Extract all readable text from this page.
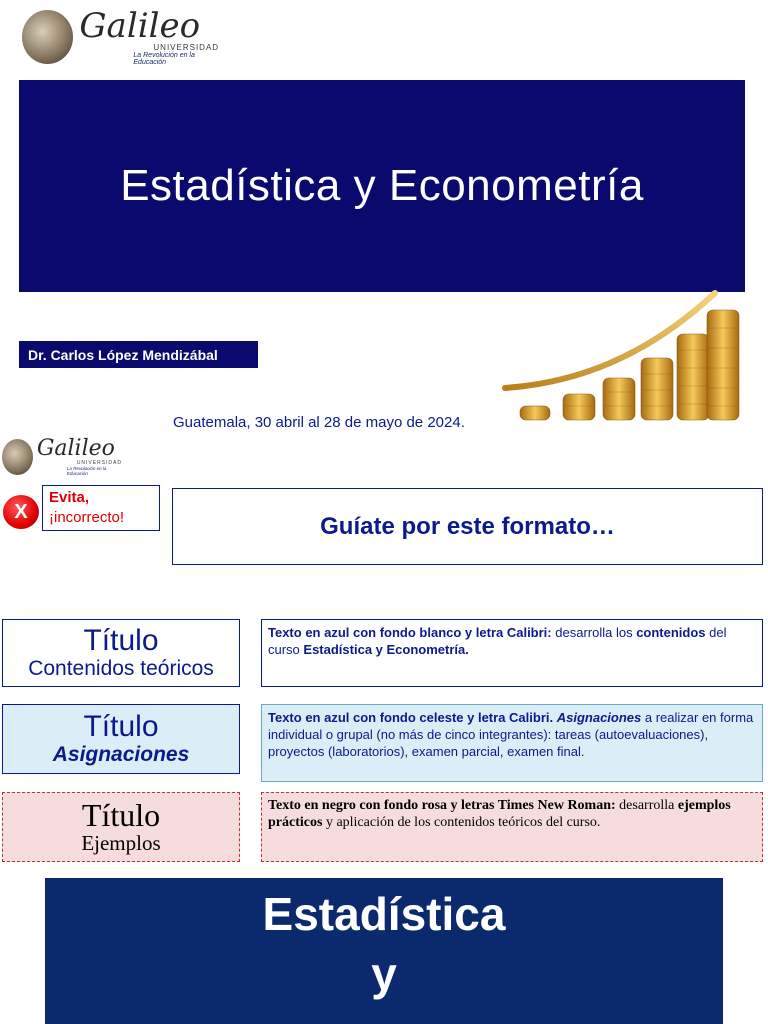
Galileo
UNIVERSIDAD
La Revolución en la Educación
Estadística y Econometría
Dr. Carlos López Mendizábal
Guatemala, 30 abril al 28 de mayo de 2024.
Galileo
UNIVERSIDAD
La Revolución en la Educación
X
Evita,
¡incorrecto!	Guíate por este formato…
Título
Contenidos teóricos
Texto en azul con fondo blanco y letra Calibri: desarrolla los contenidos del curso Estadística y Econometría.
Título
Asignaciones
Texto en azul con fondo celeste y letra Calibri. Asignaciones a realizar en forma individual o grupal (no más de cinco integrantes): tareas (autoevaluaciones), proyectos (laboratorios), examen parcial, examen final.
Título
Ejemplos
Texto en negro con fondo rosa y letras Times New Roman: desarrolla ejemplos prácticos y aplicación de los contenidos teóricos del curso.
Estadística
y
